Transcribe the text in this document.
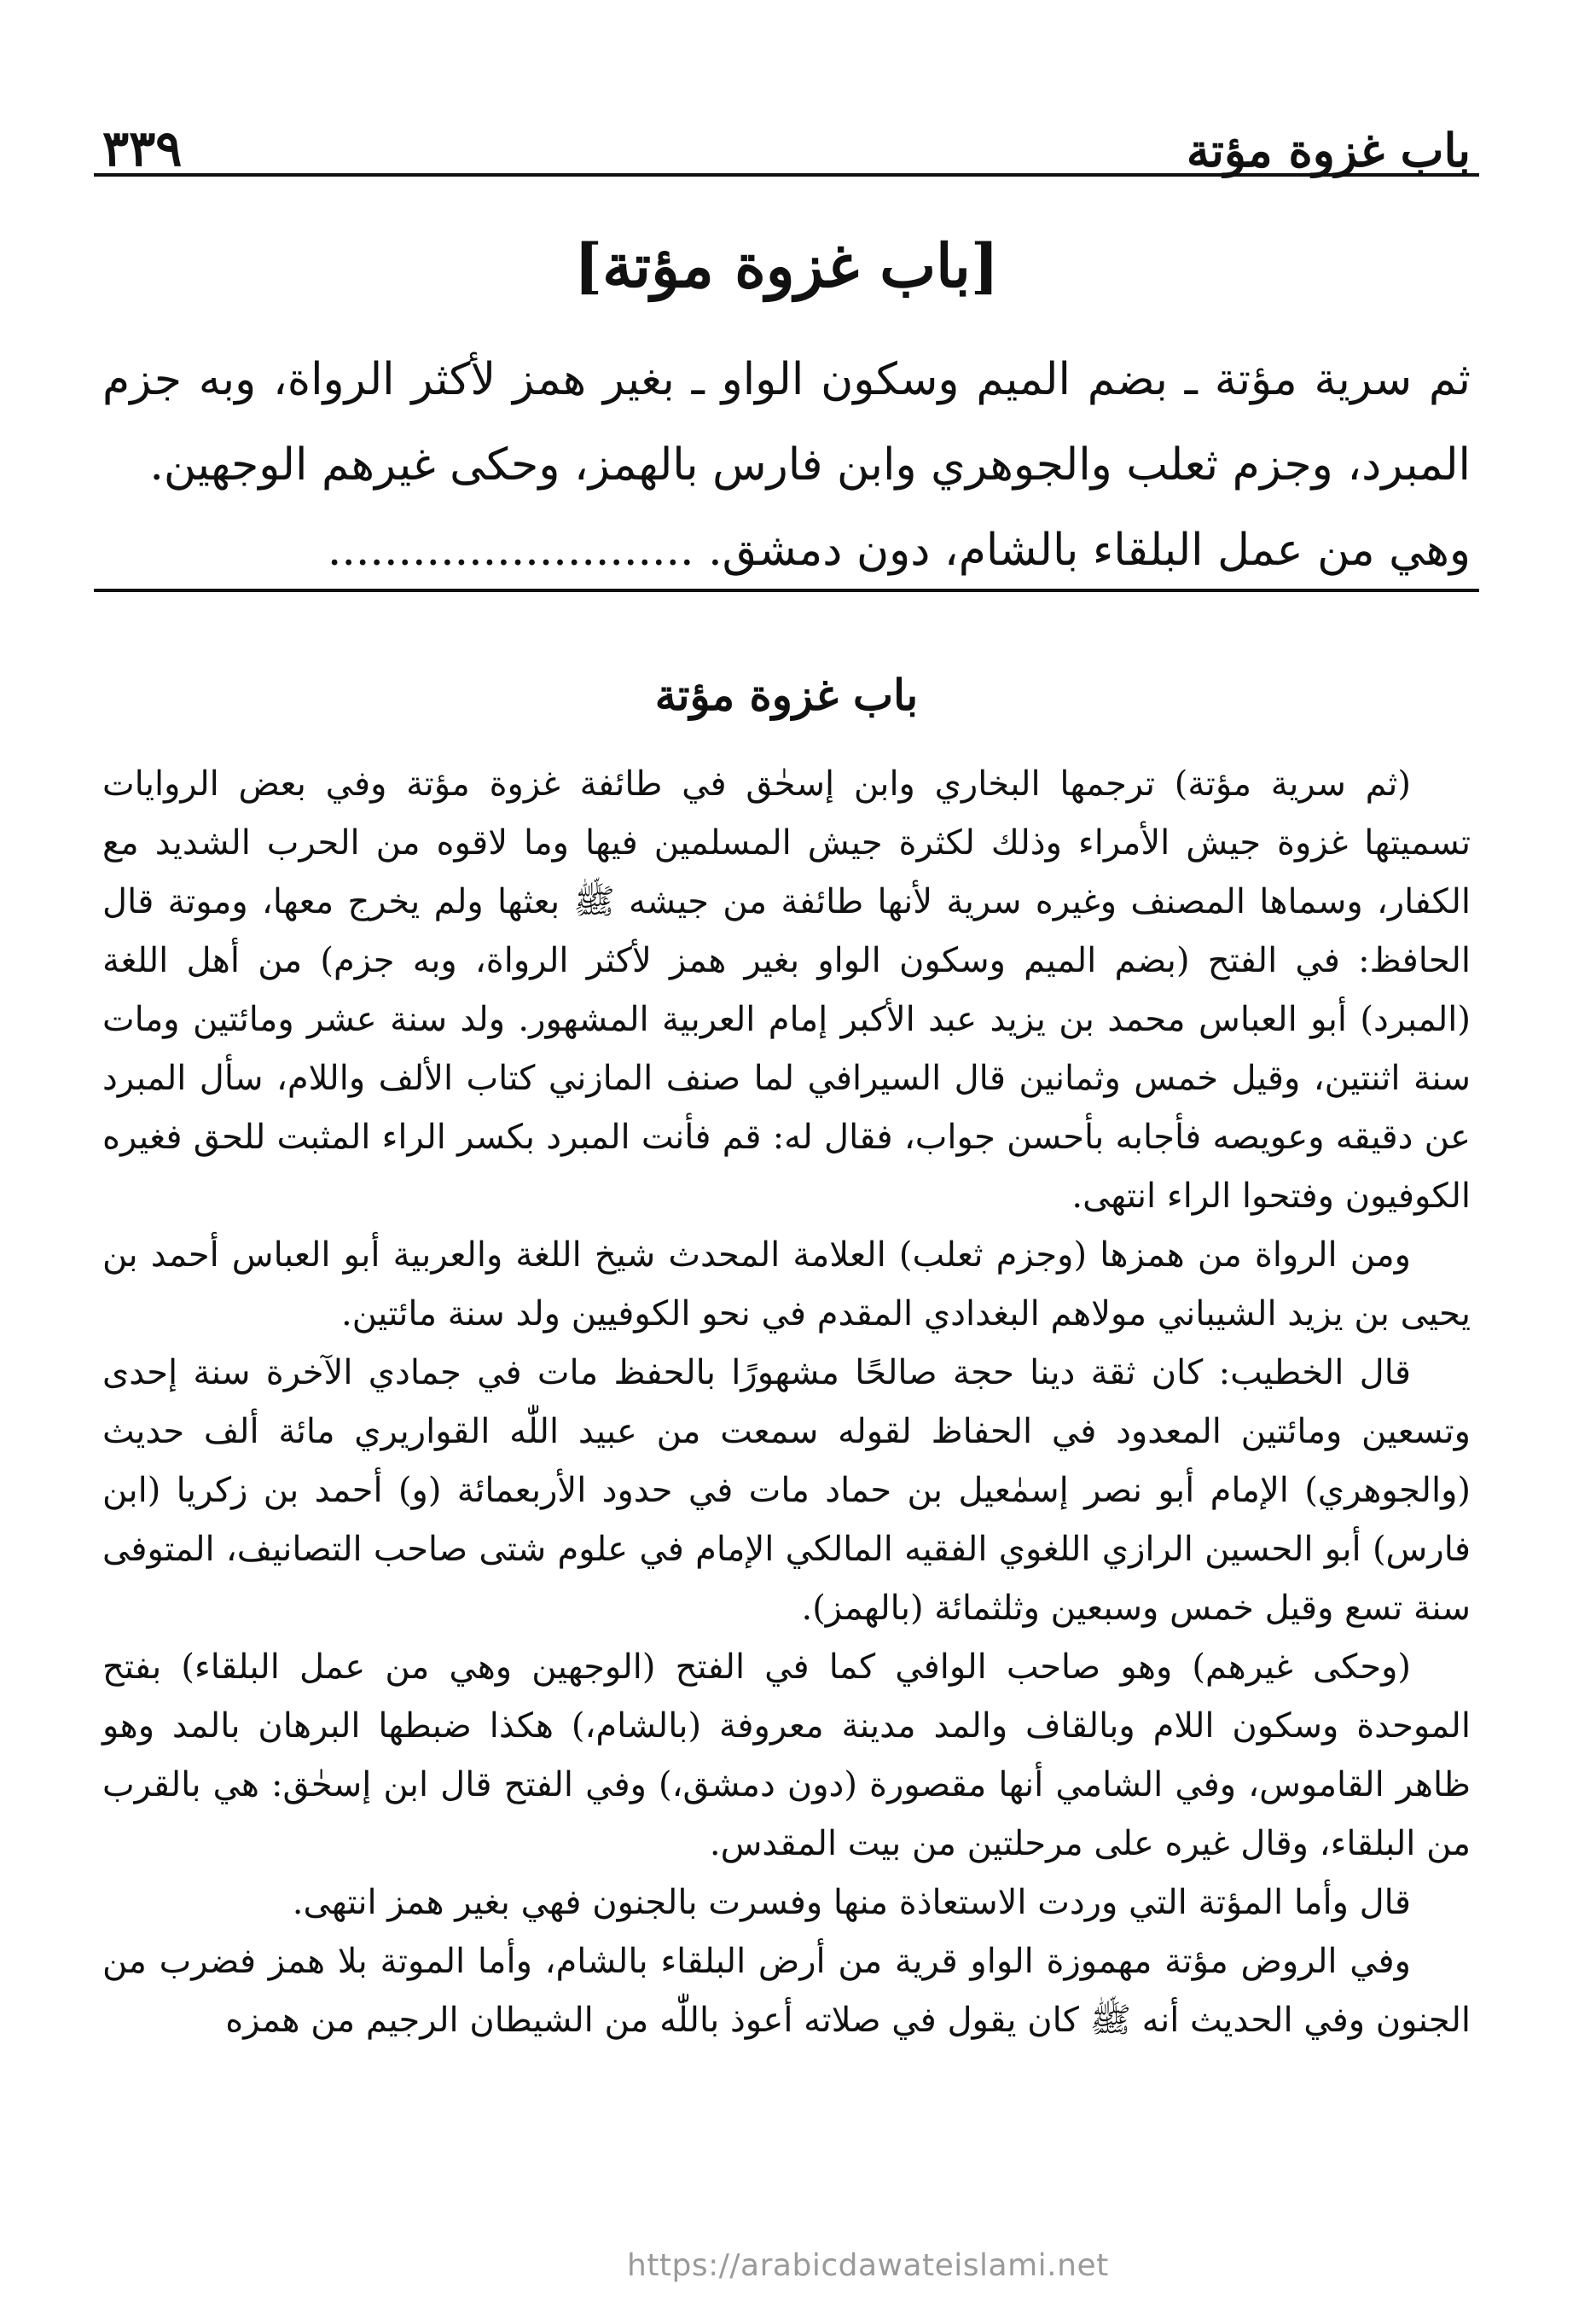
باب غزوة مؤتة
٣٣٩
[باب غزوة مؤتة]

ثم سرية مؤتة ـ بضم الميم وسكون الواو ـ بغير همز لأكثر الرواة، وبه جزم المبرد، وجزم ثعلب والجوهري وابن فارس بالهمز، وحكى غيرهم الوجهين.

وهي من عمل البلقاء بالشام، دون دمشق. ..........................

باب غزوة مؤتة

(ثم سرية مؤتة) ترجمها البخاري وابن إسحٰق في طائفة غزوة مؤتة وفي بعض الروايات تسميتها غزوة جيش الأمراء وذلك لكثرة جيش المسلمين فيها وما لاقوه من الحرب الشديد مع الكفار، وسماها المصنف وغيره سرية لأنها طائفة من جيشه ﷺ بعثها ولم يخرج معها، وموتة قال الحافظ: في الفتح (بضم الميم وسكون الواو بغير همز لأكثر الرواة، وبه جزم) من أهل اللغة (المبرد) أبو العباس محمد بن يزيد عبد الأكبر إمام العربية المشهور. ولد سنة عشر ومائتين ومات سنة اثنتين، وقيل خمس وثمانين قال السيرافي لما صنف المازني كتاب الألف واللام، سأل المبرد عن دقيقه وعويصه فأجابه بأحسن جواب، فقال له: قم فأنت المبرد بكسر الراء المثبت للحق فغيره الكوفيون وفتحوا الراء انتهى.

ومن الرواة من همزها (وجزم ثعلب) العلامة المحدث شيخ اللغة والعربية أبو العباس أحمد بن يحيى بن يزيد الشيباني مولاهم البغدادي المقدم في نحو الكوفيين ولد سنة مائتين.

قال الخطيب: كان ثقة دينا حجة صالحًا مشهورًا بالحفظ مات في جمادي الآخرة سنة إحدى وتسعين ومائتين المعدود في الحفاظ لقوله سمعت من عبيد اللّٰه القواريري مائة ألف حديث (والجوهري) الإمام أبو نصر إسمٰعيل بن حماد مات في حدود الأربعمائة (و) أحمد بن زكريا (ابن فارس) أبو الحسين الرازي اللغوي الفقيه المالكي الإمام في علوم شتى صاحب التصانيف، المتوفى سنة تسع وقيل خمس وسبعين وثلثمائة (بالهمز).

(وحكى غيرهم) وهو صاحب الوافي كما في الفتح (الوجهين وهي من عمل البلقاء) بفتح الموحدة وسكون اللام وبالقاف والمد مدينة معروفة (بالشام،) هكذا ضبطها البرهان بالمد وهو ظاهر القاموس، وفي الشامي أنها مقصورة (دون دمشق،) وفي الفتح قال ابن إسحٰق: هي بالقرب من البلقاء، وقال غيره على مرحلتين من بيت المقدس.

قال وأما المؤتة التي وردت الاستعاذة منها وفسرت بالجنون فهي بغير همز انتهى.

وفي الروض مؤتة مهموزة الواو قرية من أرض البلقاء بالشام، وأما الموتة بلا همز فضرب من الجنون وفي الحديث أنه ﷺ كان يقول في صلاته أعوذ باللّٰه من الشيطان الرجيم من همزه

https://arabicdawateislami.net
